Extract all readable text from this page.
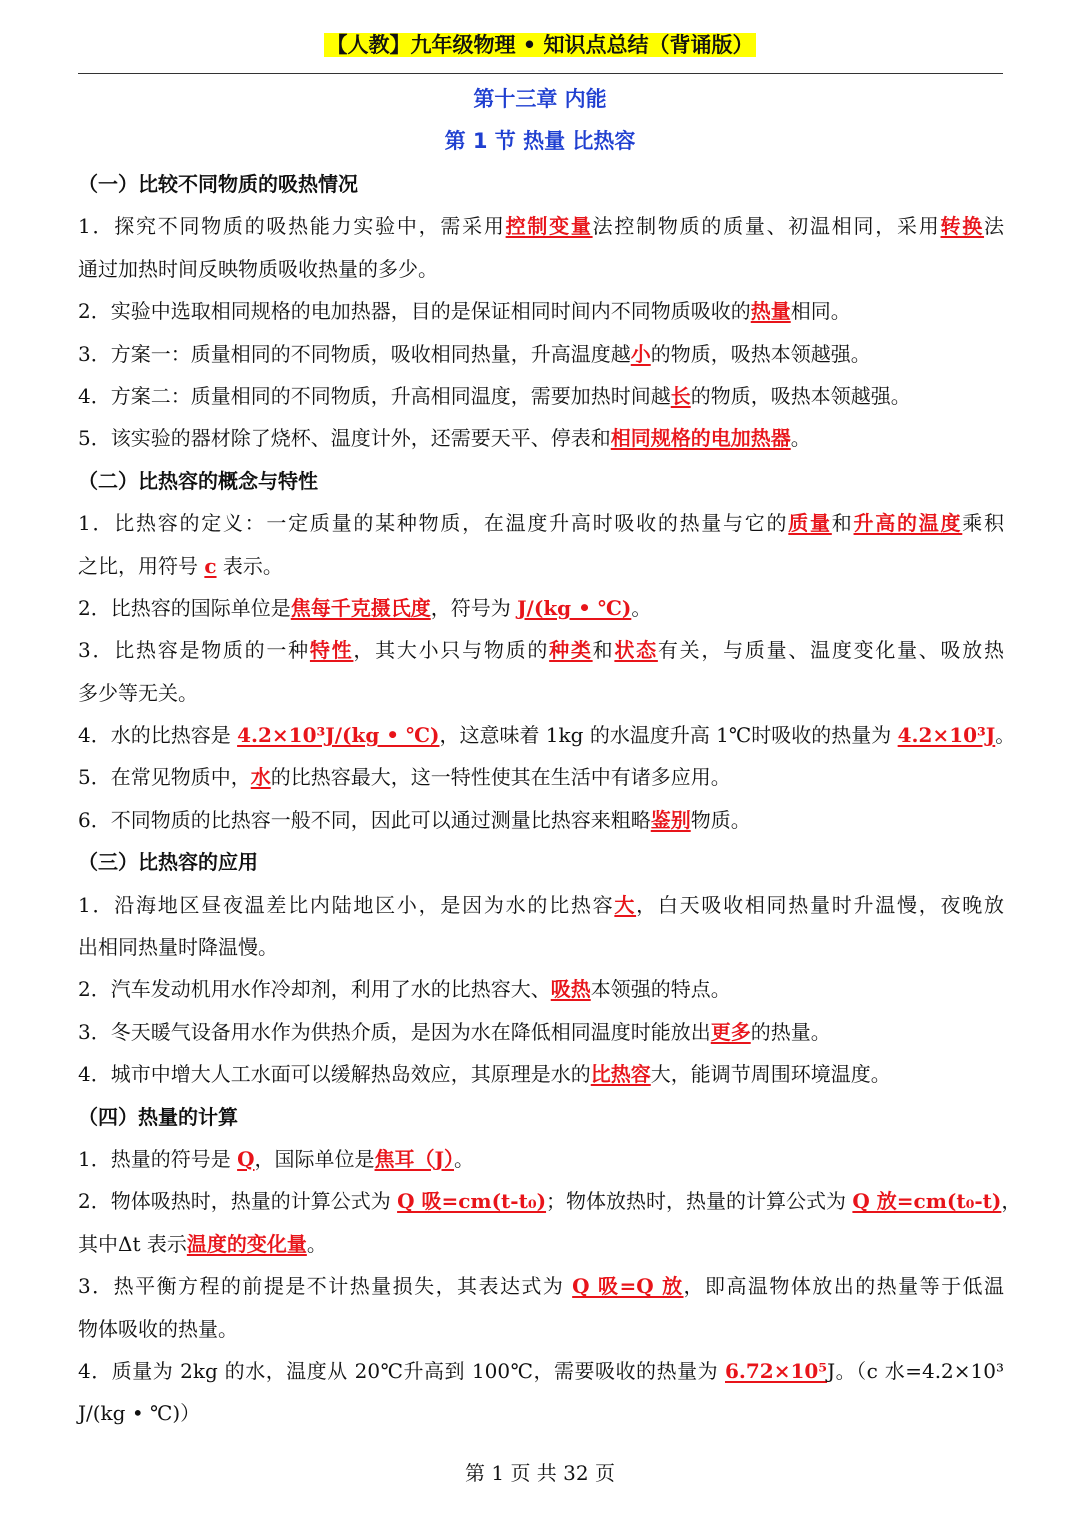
【人教】九年级物理 • 知识点总结（背诵版）
第十三章 内能
第 1 节 热量 比热容
（一）比较不同物质的吸热情况
1．探究不同物质的吸热能力实验中，需采用控制变量法控制物质的质量、初温相同，采用转换法
通过加热时间反映物质吸收热量的多少。
2．实验中选取相同规格的电加热器，目的是保证相同时间内不同物质吸收的热量相同。
3．方案一：质量相同的不同物质，吸收相同热量，升高温度越小的物质，吸热本领越强。
4．方案二：质量相同的不同物质，升高相同温度，需要加热时间越长的物质，吸热本领越强。
5．该实验的器材除了烧杯、温度计外，还需要天平、停表和相同规格的电加热器。
（二）比热容的概念与特性
1．比热容的定义：一定质量的某种物质，在温度升高时吸收的热量与它的质量和升高的温度乘积
之比，用符号 c 表示。
2．比热容的国际单位是焦每千克摄氏度，符号为 J/(kg • ℃)。
3．比热容是物质的一种特性，其大小只与物质的种类和状态有关，与质量、温度变化量、吸放热
多少等无关。
4．水的比热容是 4.2×10³J/(kg • ℃)，这意味着 1kg 的水温度升高 1℃时吸收的热量为 4.2×10³J。
5．在常见物质中，水的比热容最大，这一特性使其在生活中有诸多应用。
6．不同物质的比热容一般不同，因此可以通过测量比热容来粗略鉴别物质。
（三）比热容的应用
1．沿海地区昼夜温差比内陆地区小，是因为水的比热容大，白天吸收相同热量时升温慢，夜晚放
出相同热量时降温慢。
2．汽车发动机用水作冷却剂，利用了水的比热容大、吸热本领强的特点。
3．冬天暖气设备用水作为供热介质，是因为水在降低相同温度时能放出更多的热量。
4．城市中增大人工水面可以缓解热岛效应，其原理是水的比热容大，能调节周围环境温度。
（四）热量的计算
1．热量的符号是 Q，国际单位是焦耳（J）。
2．物体吸热时，热量的计算公式为 Q 吸=cm(t-t₀)；物体放热时，热量的计算公式为 Q 放=cm(t₀-t)，
其中Δt 表示温度的变化量。
3．热平衡方程的前提是不计热量损失，其表达式为 Q 吸=Q 放，即高温物体放出的热量等于低温
物体吸收的热量。
4．质量为 2kg 的水，温度从 20℃升高到 100℃，需要吸收的热量为 6.72×10⁵J。（c 水=4.2×10³
J/(kg • ℃)）
第 1 页 共 32 页
